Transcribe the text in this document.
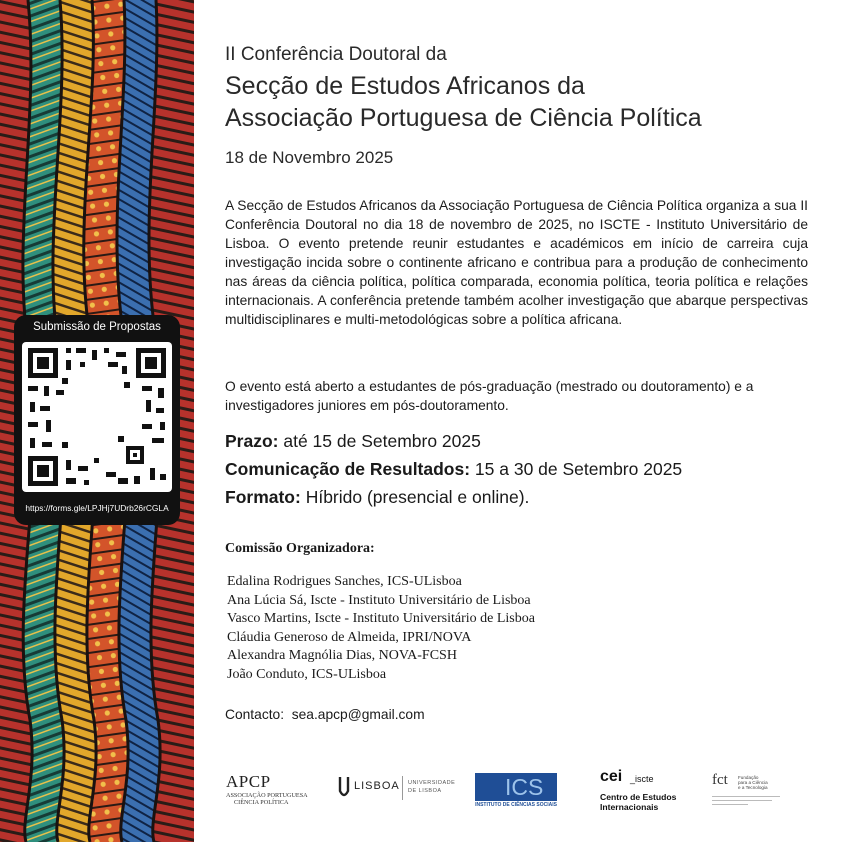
Submissão de Propostas
https://forms.gle/LPJHj7UDrb26rCGLA
II Conferência Doutoral da
Secção de Estudos Africanos da
Associação Portuguesa de Ciência Política
18 de Novembro 2025
A Secção de Estudos Africanos da Associação Portuguesa de Ciência Política organiza a sua II Conferência Doutoral no dia 18 de novembro de 2025, no ISCTE - Instituto Universitário de Lisboa. O evento pretende reunir estudantes e académicos em início de carreira cuja investigação incida sobre o continente africano e contribua para a produção de conhecimento nas áreas da ciência política, política comparada, economia política, teoria política e relações internacionais. A conferência pretende também acolher investigação que abarque perspectivas multidisciplinares e multi-metodológicas sobre a política africana.
O evento está aberto a estudantes de pós-graduação (mestrado ou doutoramento) e a investigadores juniores em pós-doutoramento.
Prazo: até 15 de Setembro 2025
Comunicação de Resultados: 15 a 30 de Setembro 2025
Formato: Híbrido (presencial e online).
Comissão Organizadora:
Edalina Rodrigues Sanches, ICS-ULisboa
Ana Lúcia Sá, Iscte - Instituto Universitário de Lisboa
Vasco Martins, Iscte - Instituto Universitário de Lisboa
Cláudia Generoso de Almeida, IPRI/NOVA
Alexandra Magnólia Dias, NOVA-FCSH
João Conduto, ICS-ULisboa
Contacto: sea.apcp@gmail.com
APCP
ASSOCIAÇÃO PORTUGUESA
CIÊNCIA POLÍTICA
LISBOA UNIVERSIDADE
DE LISBOA	ICS
INSTITUTO DE CIÊNCIAS SOCIAIS
cei _iscte
Centro de Estudos
Internacionais
fct Fundação
para a Ciência
e a Tecnologia
